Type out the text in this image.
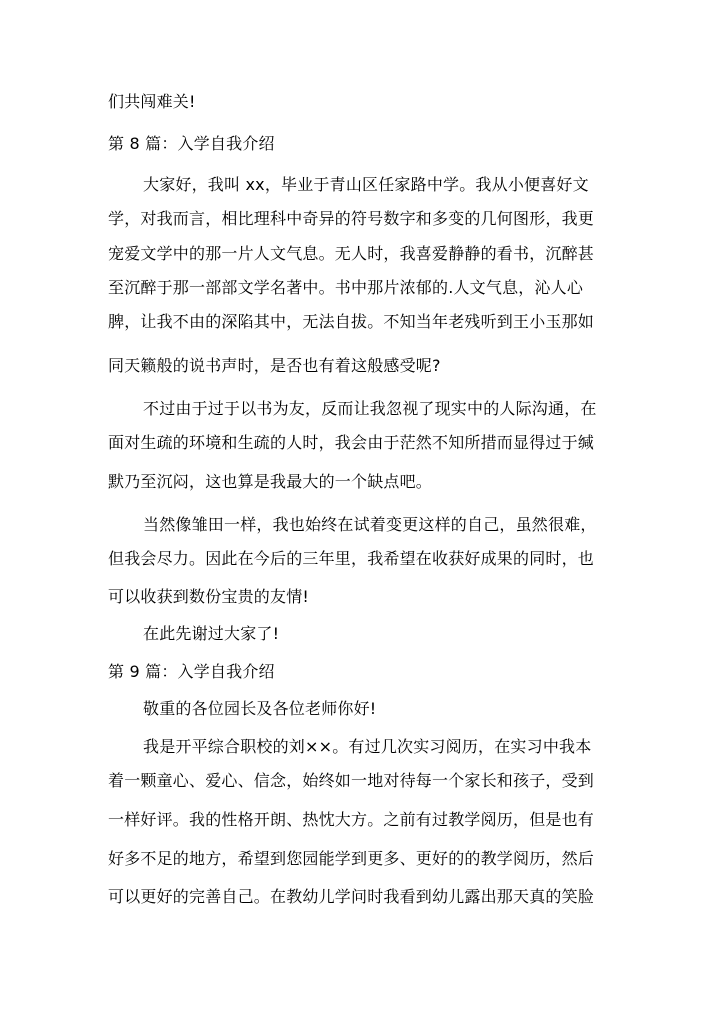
们共闯难关!
第 8 篇：入学自我介绍
大家好，我叫 xx，毕业于青山区任家路中学。我从小便喜好文
学，对我而言，相比理科中奇异的符号数字和多变的几何图形，我更
宠爱文学中的那一片人文气息。无人时，我喜爱静静的看书，沉醉甚
至沉醉于那一部部文学名著中。书中那片浓郁的.人文气息，沁人心
脾，让我不由的深陷其中，无法自拔。不知当年老残听到王小玉那如
同天籁般的说书声时，是否也有着这般感受呢?
不过由于过于以书为友，反而让我忽视了现实中的人际沟通，在
面对生疏的环境和生疏的人时，我会由于茫然不知所措而显得过于缄
默乃至沉闷，这也算是我最大的一个缺点吧。
当然像雏田一样，我也始终在试着变更这样的自己，虽然很难，
但我会尽力。因此在今后的三年里，我希望在收获好成果的同时，也
可以收获到数份宝贵的友情!
在此先谢过大家了!
第 9 篇：入学自我介绍
敬重的各位园长及各位老师你好!
我是开平综合职校的刘××。有过几次实习阅历，在实习中我本
着一颗童心、爱心、信念，始终如一地对待每一个家长和孩子，受到
一样好评。我的性格开朗、热忱大方。之前有过教学阅历，但是也有
好多不足的地方，希望到您园能学到更多、更好的的教学阅历，然后
可以更好的完善自己。在教幼儿学问时我看到幼儿露出那天真的笑脸
